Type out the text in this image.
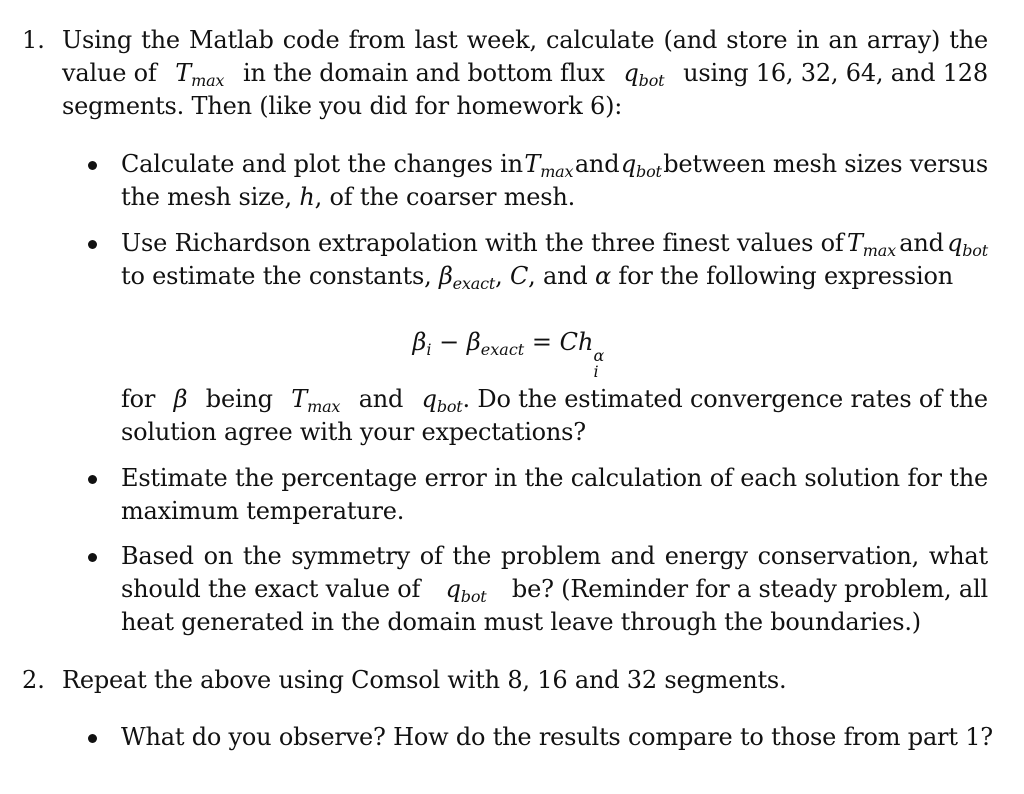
1. Using the Matlab code from last week, calculate (and store in an array) the
value of $T_{max}$ in the domain and bottom flux $q_{bot}$ using 16, 32, 64, and 128
segments. Then (like you did for homework 6):
Calculate and plot the changes in $T_{max}$ and $q_{bot}$ between mesh sizes versus
the mesh size, h, of the coarser mesh.
Use Richardson extrapolation with the three finest values of $T_{max}$ and $q_{bot}$
to estimate the constants, $\beta_{exact}$, C, and α for the following expression
$\beta_i - \beta_{exact} = Ch$ α
i
for β being $T_{max}$ and $q_{bot}$. Do the estimated convergence rates of the
solution agree with your expectations?
Estimate the percentage error in the calculation of each solution for the
maximum temperature.
Based on the symmetry of the problem and energy conservation, what
should the exact value of $q_{bot}$ be? (Reminder for a steady problem, all
heat generated in the domain must leave through the boundaries.)
2. Repeat the above using Comsol with 8, 16 and 32 segments.
What do you observe? How do the results compare to those from part 1?
